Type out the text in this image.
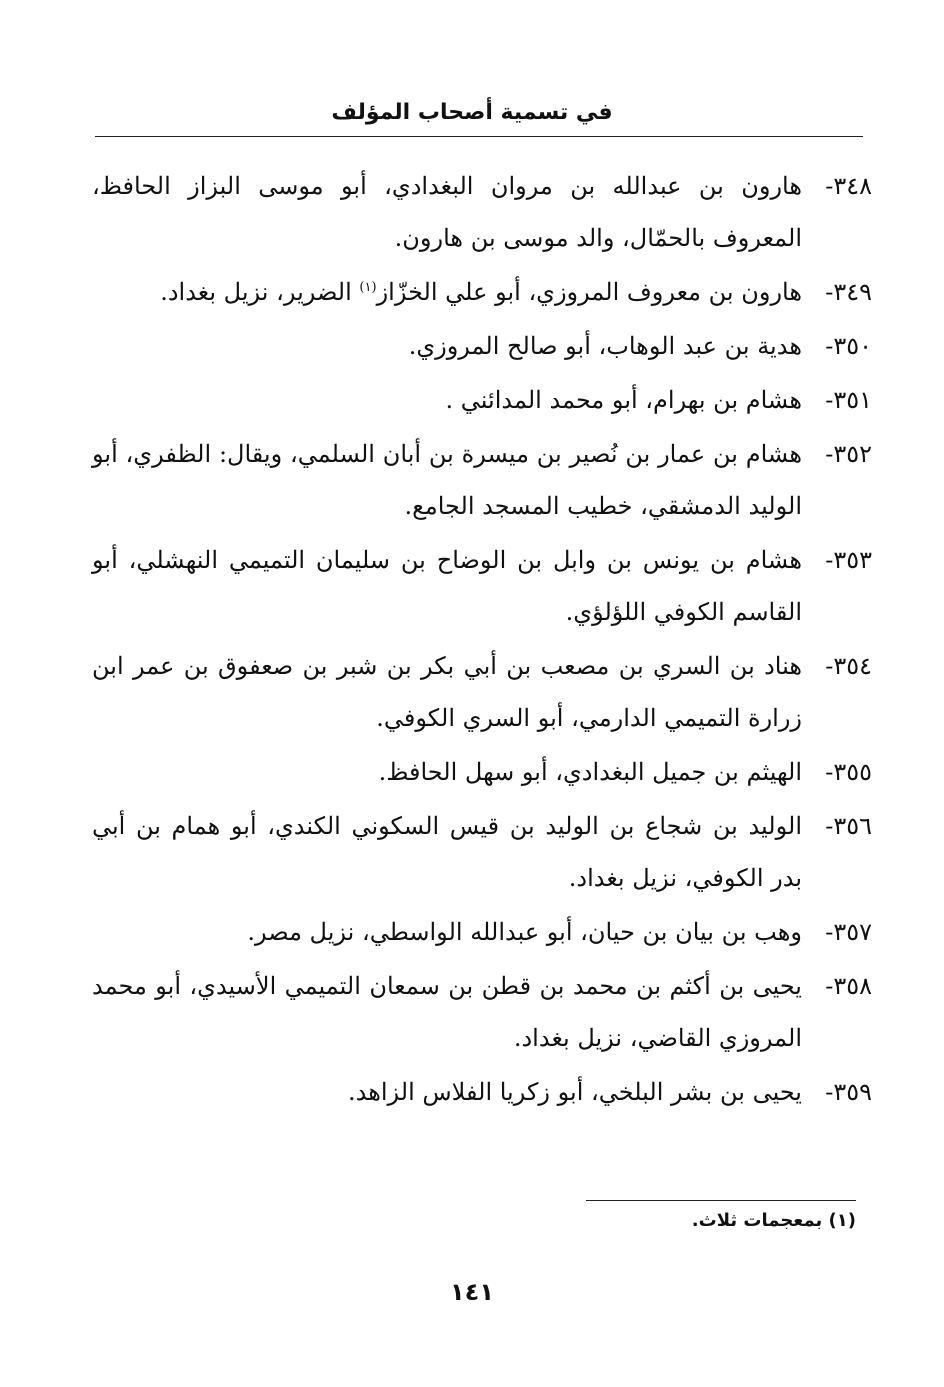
في تسمية أصحاب المؤلف
٣٤٨-
هارون بن عبدالله بن مروان البغدادي، أبو موسى البزاز الحافظ، المعروف بالحمّال، والد موسى بن هارون.
٣٤٩-
هارون بن معروف المروزي، أبو علي الخزّاز$^{(١)}$ الضرير، نزيل بغداد.
٣٥٠-
هدية بن عبد الوهاب، أبو صالح المروزي.
٣٥١-
هشام بن بهرام، أبو محمد المدائني .
٣٥٢-
هشام بن عمار بن نُصير بن ميسرة بن أبان السلمي، ويقال: الظفري، أبو الوليد الدمشقي، خطيب المسجد الجامع.
٣٥٣-
هشام بن يونس بن وابل بن الوضاح بن سليمان التميمي النهشلي، أبو القاسم الكوفي اللؤلؤي.
٣٥٤-
هناد بن السري بن مصعب بن أبي بكر بن شبر بن صعفوق بن عمر ابن زرارة التميمي الدارمي، أبو السري الكوفي.
٣٥٥-
الهيثم بن جميل البغدادي، أبو سهل الحافظ.
٣٥٦-
الوليد بن شجاع بن الوليد بن قيس السكوني الكندي، أبو همام بن أبي بدر الكوفي، نزيل بغداد.
٣٥٧-
وهب بن بيان بن حيان، أبو عبدالله الواسطي، نزيل مصر.
٣٥٨-
يحيى بن أكثم بن محمد بن قطن بن سمعان التميمي الأسيدي، أبو محمد المروزي القاضي، نزيل بغداد.
٣٥٩-
يحيى بن بشر البلخي، أبو زكريا الفلاس الزاهد.
(١) بمعجمات ثلاث.
١٤١
